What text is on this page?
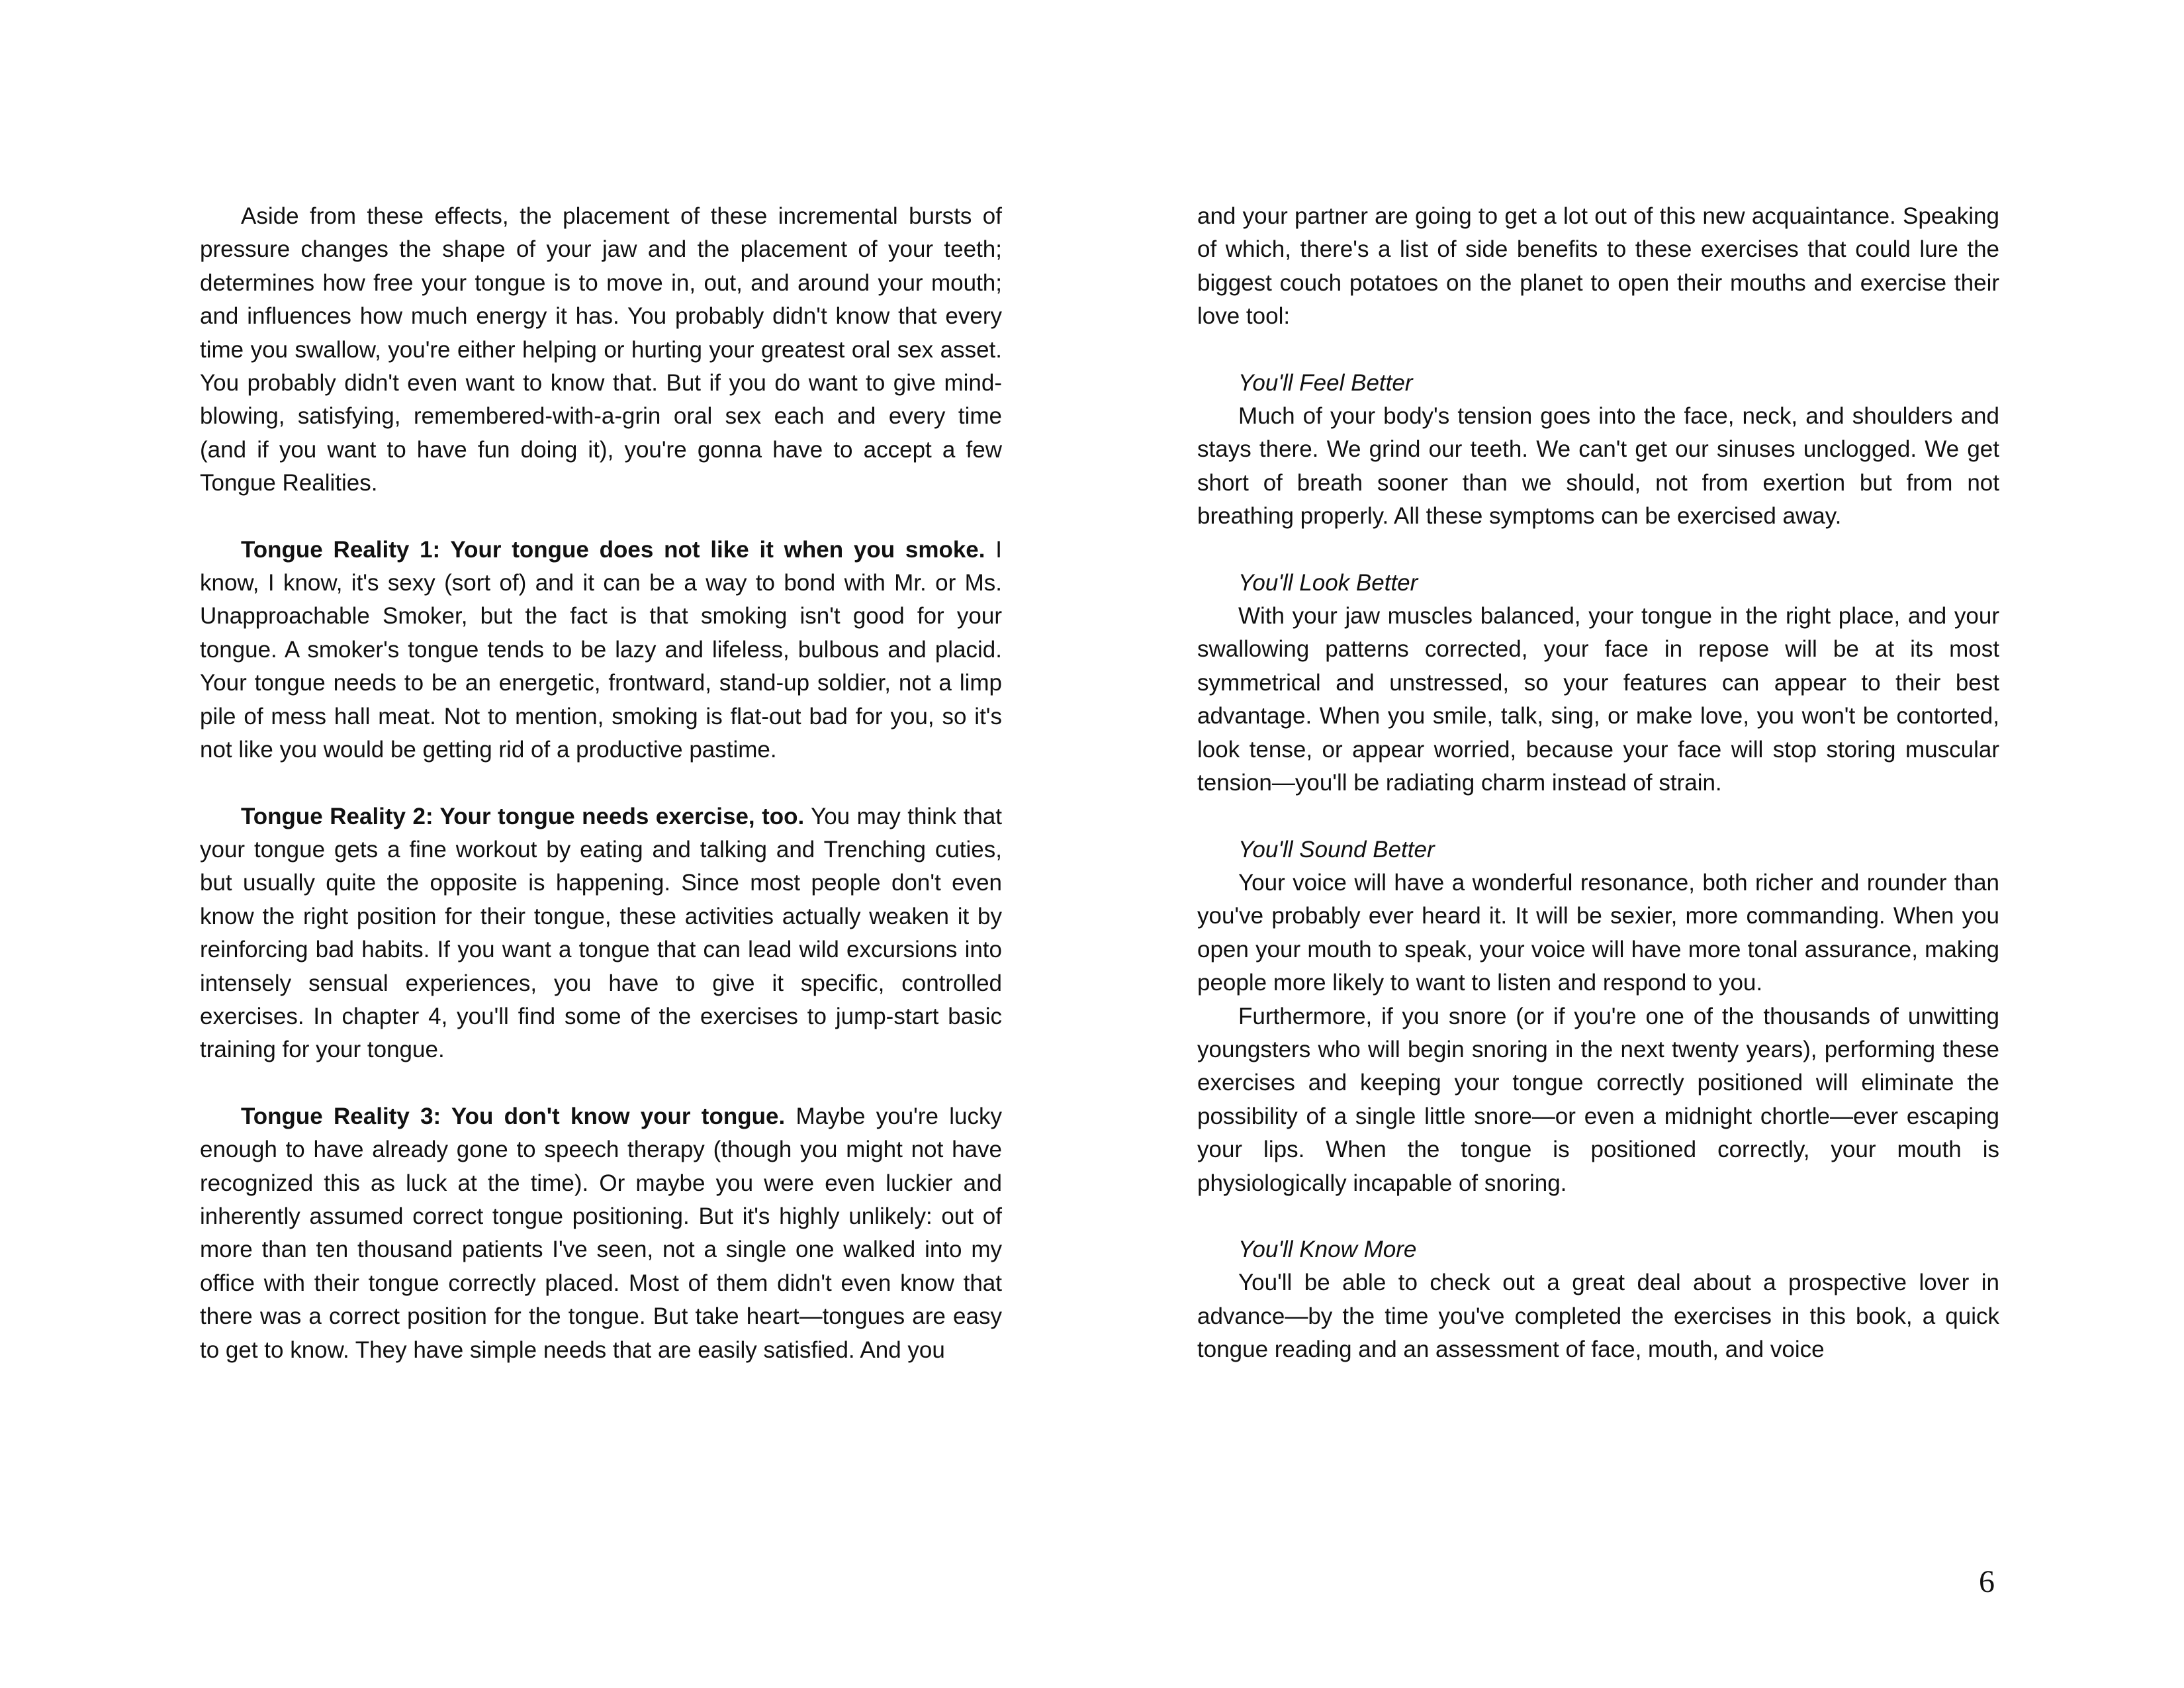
Aside from these effects, the placement of these incremental bursts of pressure changes the shape of your jaw and the placement of your teeth; determines how free your tongue is to move in, out, and around your mouth; and influences how much energy it has. You probably didn't know that every time you swallow, you're either helping or hurting your greatest oral sex asset. You probably didn't even want to know that. But if you do want to give mind-blowing, satisfying, remembered-with-a-grin oral sex each and every time (and if you want to have fun doing it), you're gonna have to accept a few Tongue Realities.

Tongue Reality 1: Your tongue does not like it when you smoke. I know, I know, it's sexy (sort of) and it can be a way to bond with Mr. or Ms. Unapproachable Smoker, but the fact is that smoking isn't good for your tongue. A smoker's tongue tends to be lazy and lifeless, bulbous and placid. Your tongue needs to be an energetic, frontward, stand-up soldier, not a limp pile of mess hall meat. Not to mention, smoking is flat-out bad for you, so it's not like you would be getting rid of a productive pastime.

Tongue Reality 2: Your tongue needs exercise, too. You may think that your tongue gets a fine workout by eating and talking and Trenching cuties, but usually quite the opposite is happening. Since most people don't even know the right position for their tongue, these activities actually weaken it by reinforcing bad habits. If you want a tongue that can lead wild excursions into intensely sensual experiences, you have to give it specific, controlled exercises. In chapter 4, you'll find some of the exercises to jump-start basic training for your tongue.

Tongue Reality 3: You don't know your tongue. Maybe you're lucky enough to have already gone to speech therapy (though you might not have recognized this as luck at the time). Or maybe you were even luckier and inherently assumed correct tongue positioning. But it's highly unlikely: out of more than ten thousand patients I've seen, not a single one walked into my office with their tongue correctly placed. Most of them didn't even know that there was a correct position for the tongue. But take heart—tongues are easy to get to know. They have simple needs that are easily satisfied. And you

and your partner are going to get a lot out of this new acquaintance. Speaking of which, there's a list of side benefits to these exercises that could lure the biggest couch potatoes on the planet to open their mouths and exercise their love tool:

You'll Feel Better

Much of your body's tension goes into the face, neck, and shoulders and stays there. We grind our teeth. We can't get our sinuses unclogged. We get short of breath sooner than we should, not from exertion but from not breathing properly. All these symptoms can be exercised away.

You'll Look Better

With your jaw muscles balanced, your tongue in the right place, and your swallowing patterns corrected, your face in repose will be at its most symmetrical and unstressed, so your features can appear to their best advantage. When you smile, talk, sing, or make love, you won't be contorted, look tense, or appear worried, because your face will stop storing muscular tension—you'll be radiating charm instead of strain.

You'll Sound Better

Your voice will have a wonderful resonance, both richer and rounder than you've probably ever heard it. It will be sexier, more commanding. When you open your mouth to speak, your voice will have more tonal assurance, making people more likely to want to listen and respond to you.

Furthermore, if you snore (or if you're one of the thousands of unwitting youngsters who will begin snoring in the next twenty years), performing these exercises and keeping your tongue correctly positioned will eliminate the possibility of a single little snore—or even a midnight chortle—ever escaping your lips. When the tongue is positioned correctly, your mouth is physiologically incapable of snoring.

You'll Know More

You'll be able to check out a great deal about a prospective lover in advance—by the time you've completed the exercises in this book, a quick tongue reading and an assessment of face, mouth, and voice

6
